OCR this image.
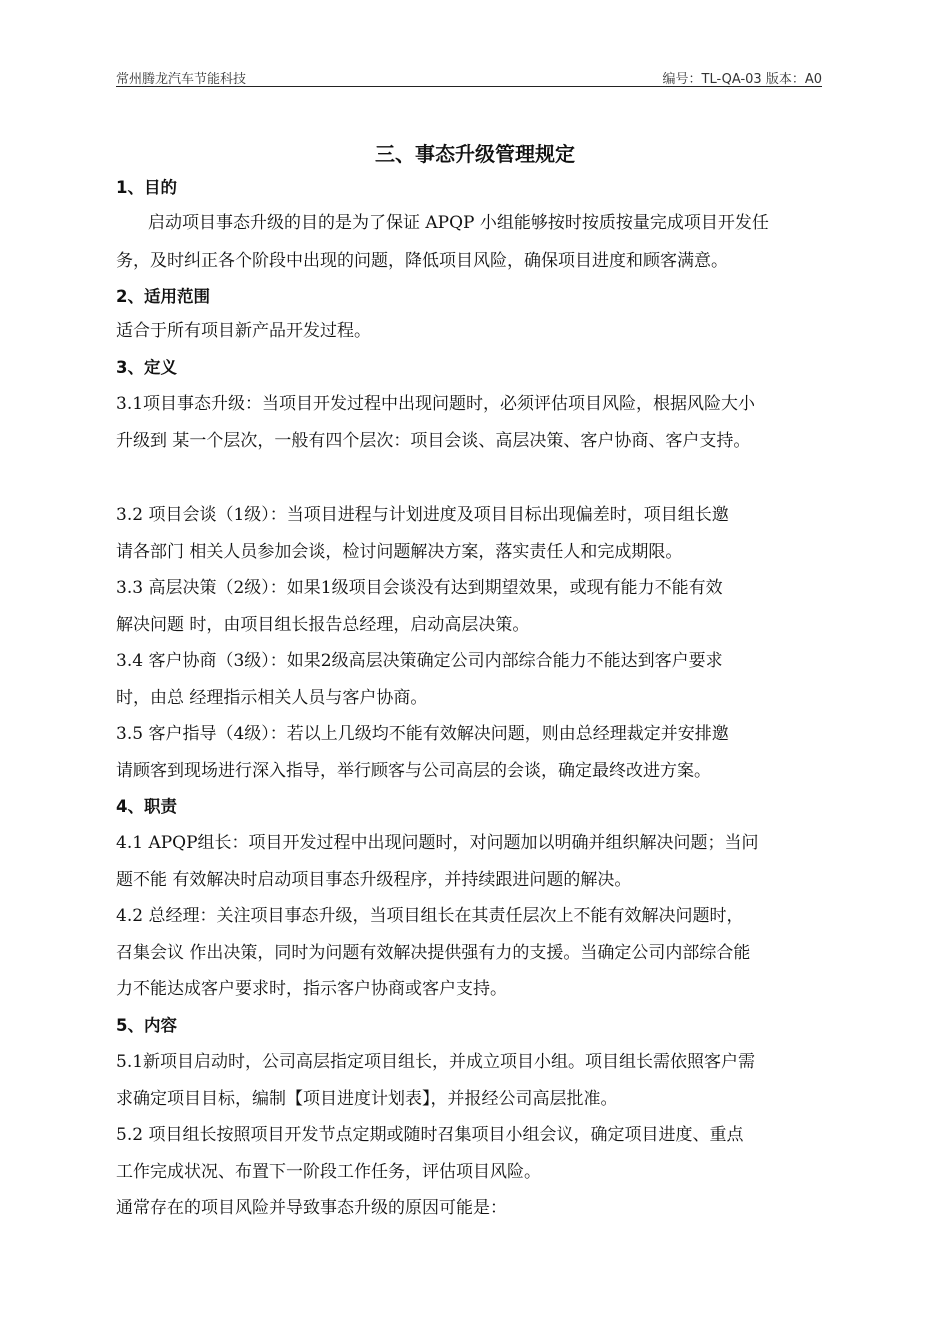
常州腾龙汽车节能科技	编号：TL-QA-03 版本：A0
三、事态升级管理规定
1、目的
启动项目事态升级的目的是为了保证 APQP 小组能够按时按质按量完成项目开发任
务，及时纠正各个阶段中出现的问题，降低项目风险，确保项目进度和顾客满意。
2、适用范围
适合于所有项目新产品开发过程。
3、定义
3.1项目事态升级：当项目开发过程中出现问题时，必须评估项目风险，根据风险大小
升级到 某一个层次，一般有四个层次：项目会谈、高层决策、客户协商、客户支持。
3.2 项目会谈（1级）：当项目进程与计划进度及项目目标出现偏差时，项目组长邀
请各部门 相关人员参加会谈，检讨问题解决方案，落实责任人和完成期限。
3.3 高层决策（2级）：如果1级项目会谈没有达到期望效果，或现有能力不能有效
解决问题 时，由项目组长报告总经理，启动高层决策。
3.4 客户协商（3级）：如果2级高层决策确定公司内部综合能力不能达到客户要求
时，由总 经理指示相关人员与客户协商。
3.5 客户指导（4级）：若以上几级均不能有效解决问题，则由总经理裁定并安排邀
请顾客到现场进行深入指导，举行顾客与公司高层的会谈，确定最终改进方案。
4、职责
4.1 APQP组长：项目开发过程中出现问题时，对问题加以明确并组织解决问题；当问
题不能 有效解决时启动项目事态升级程序，并持续跟进问题的解决。
4.2 总经理：关注项目事态升级，当项目组长在其责任层次上不能有效解决问题时，
召集会议 作出决策，同时为问题有效解决提供强有力的支援。当确定公司内部综合能
力不能达成客户要求时，指示客户协商或客户支持。
5、内容
5.1新项目启动时，公司高层指定项目组长，并成立项目小组。项目组长需依照客户需
求确定项目目标，编制【项目进度计划表】，并报经公司高层批准。
5.2 项目组长按照项目开发节点定期或随时召集项目小组会议，确定项目进度、重点
工作完成状况、布置下一阶段工作任务，评估项目风险。
通常存在的项目风险并导致事态升级的原因可能是：
